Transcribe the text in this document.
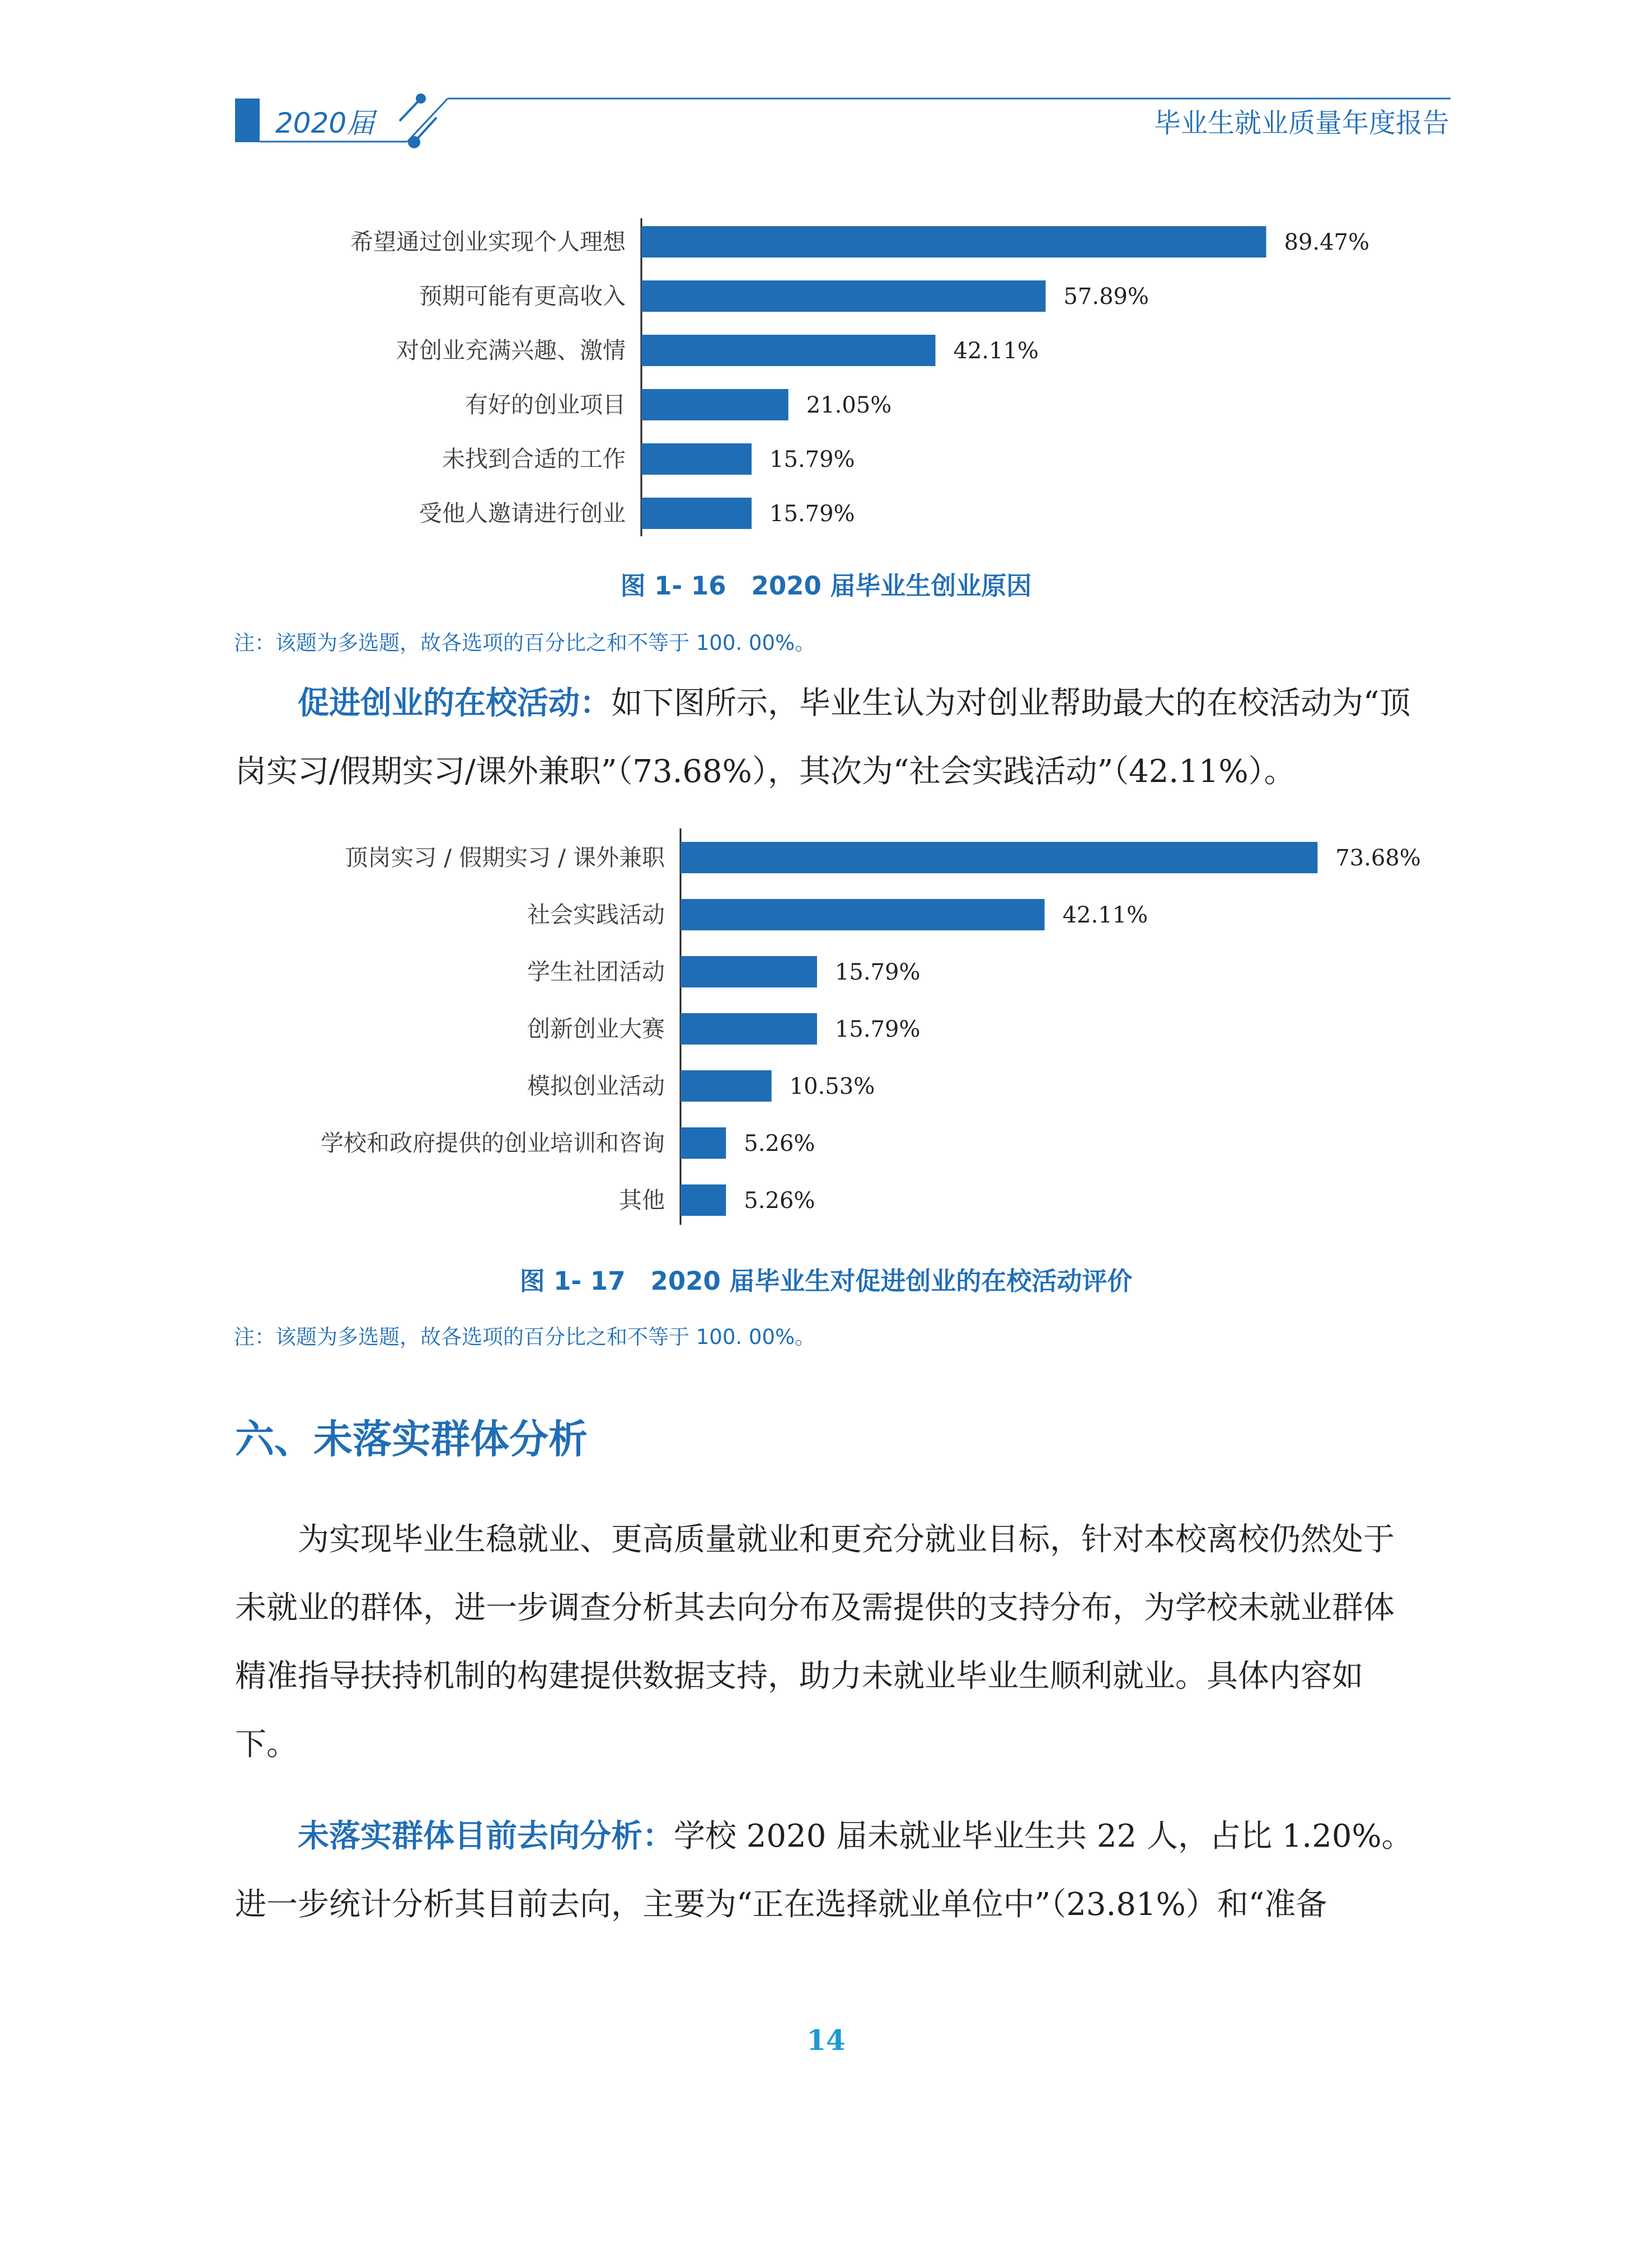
2020届	毕业生就业质量年度报告
希望通过创业实现个人理想	89.47%
预期可能有更高收入	57.89%
对创业充满兴趣、激情	42.11%
有好的创业项目	21.05%
未找到合适的工作	15.79%
受他人邀请进行创业	15.79%
图 1- 16　2020 届毕业生创业原因
注：该题为多选题，故各选项的百分比之和不等于 100. 00%。
促进创业的在校活动：如下图所示，毕业生认为对创业帮助最大的在校活动为“顶岗实习/假期实习/课外兼职”（73.68%），其次为“社会实践活动”（42.11%）。
顶岗实习 / 假期实习 / 课外兼职	73.68%
社会实践活动	42.11%
学生社团活动	15.79%
创新创业大赛	15.79%
模拟创业活动	10.53%
学校和政府提供的创业培训和咨询	5.26%
其他	5.26%
图 1- 17　2020 届毕业生对促进创业的在校活动评价
注：该题为多选题，故各选项的百分比之和不等于 100. 00%。
六、未落实群体分析
为实现毕业生稳就业、更高质量就业和更充分就业目标，针对本校离校仍然处于未就业的群体，进一步调查分析其去向分布及需提供的支持分布，为学校未就业群体精准指导扶持机制的构建提供数据支持，助力未就业毕业生顺利就业。具体内容如下。
未落实群体目前去向分析：学校 2020 届未就业毕业生共 22 人，占比 1.20%。进一步统计分析其目前去向，主要为“正在选择就业单位中”（23.81%）和“准备
14
